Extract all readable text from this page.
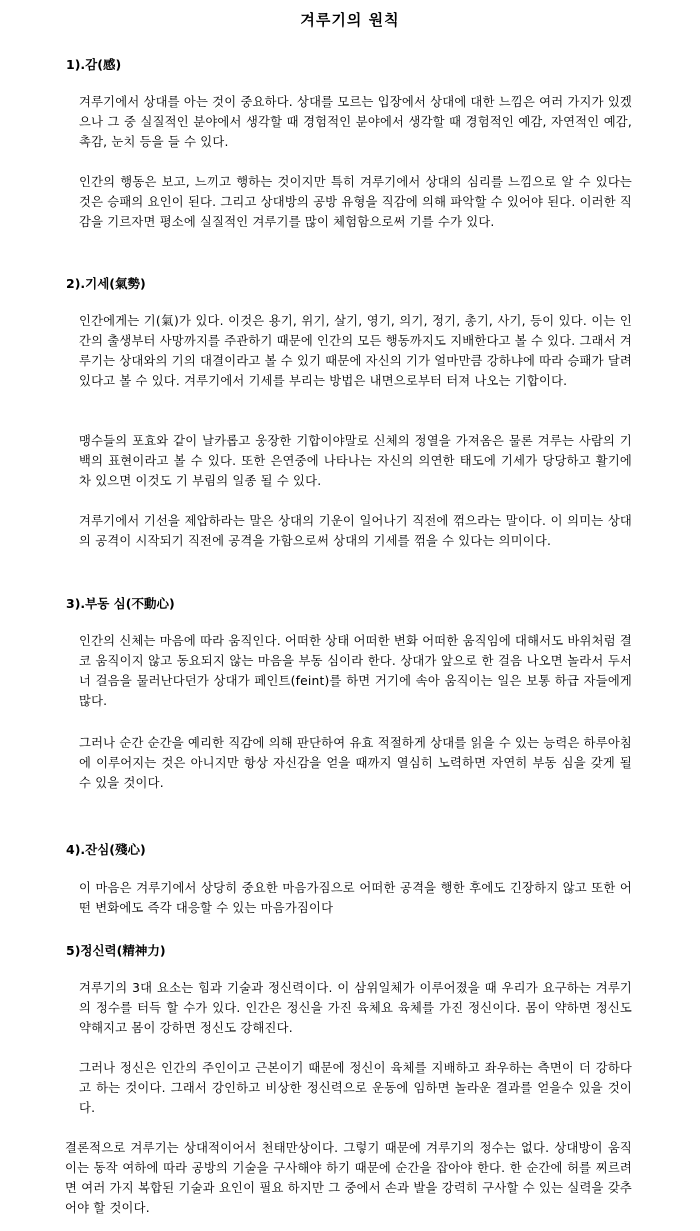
겨루기의 원칙
1).감(感)
겨루기에서 상대를 아는 것이 중요하다. 상대를 모르는 입장에서 상대에 대한 느낌은 여러 가지가 있겠으나 그 중 실질적인 분야에서 생각할 때 경험적인 분야에서 생각할 때 경험적인 예감, 자연적인 예감, 촉감, 눈치 등을 들 수 있다.
인간의 행동은 보고, 느끼고 행하는 것이지만 특히 겨루기에서 상대의 심리를 느낌으로 알 수 있다는 것은 승패의 요인이 된다. 그리고 상대방의 공방 유형을 직감에 의해 파악할 수 있어야 된다. 이러한 직감을 기르자면 평소에 실질적인 겨루기를 많이 체험함으로써 기를 수가 있다.
2).기세(氣勢)
인간에게는 기(氣)가 있다. 이것은 용기, 위기, 살기, 영기, 의기, 정기, 총기, 사기, 등이 있다. 이는 인간의 출생부터 사망까지를 주관하기 때문에 인간의 모든 행동까지도 지배한다고 볼 수 있다. 그래서 겨루기는 상대와의 기의 대결이라고 볼 수 있기 때문에 자신의 기가 얼마만큼 강하냐에 따라 승패가 달려있다고 볼 수 있다. 겨루기에서 기세를 부리는 방법은 내면으로부터 터져 나오는 기합이다.
맹수들의 포효와 같이 날카롭고 웅장한 기합이야말로 신체의 정열을 가져옴은 물론 겨루는 사람의 기백의 표현이라고 볼 수 있다. 또한 은연중에 나타나는 자신의 의연한 태도에 기세가 당당하고 활기에 차 있으면 이것도 기 부림의 일종 될 수 있다.
겨루기에서 기선을 제압하라는 말은 상대의 기운이 일어나기 직전에 꺾으라는 말이다. 이 의미는 상대의 공격이 시작되기 직전에 공격을 가함으로써 상대의 기세를 꺾을 수 있다는 의미이다.
3).부동 심(不動心)
인간의 신체는 마음에 따라 움직인다. 어떠한 상태 어떠한 변화 어떠한 움직임에 대해서도 바위처럼 결코 움직이지 않고 동요되지 않는 마음을 부동 심이라 한다. 상대가 앞으로 한 걸음 나오면 놀라서 두서너 걸음을 물러난다던가 상대가 페인트(feint)를 하면 거기에 속아 움직이는 일은 보통 하급 자들에게 많다.
그러나 순간 순간을 예리한 직감에 의해 판단하여 유효 적절하게 상대를 읽을 수 있는 능력은 하루아침에 이루어지는 것은 아니지만 항상 자신감을 얻을 때까지 열심히 노력하면 자연히 부동 심을 갖게 될 수 있을 것이다.
4).잔심(殘心)
이 마음은 겨루기에서 상당히 중요한 마음가짐으로 어떠한 공격을 행한 후에도 긴장하지 않고 또한 어떤 변화에도 즉각 대응할 수 있는 마음가짐이다
5)정신력(精神力)
겨루기의 3대 요소는 힘과 기술과 정신력이다. 이 삼위일체가 이루어졌을 때 우리가 요구하는 겨루기의 정수를 터득 할 수가 있다. 인간은 정신을 가진 육체요 육체를 가진 정신이다. 몸이 약하면 정신도 약해지고 몸이 강하면 정신도 강해진다.
그러나 정신은 인간의 주인이고 근본이기 때문에 정신이 육체를 지배하고 좌우하는 측면이 더 강하다고 하는 것이다. 그래서 강인하고 비상한 정신력으로 운동에 임하면 놀라운 결과를 얻을수 있을 것이다.
결론적으로 겨루기는 상대적이어서 천태만상이다. 그렇기 때문에 겨루기의 정수는 없다. 상대방이 움직이는 동작 여하에 따라 공방의 기술을 구사해야 하기 때문에 순간을 잡아야 한다. 한 순간에 허를 찌르려면 여러 가지 복합된 기술과 요인이 필요 하지만 그 중에서 손과 발을 강력히 구사할 수 있는 실력을 갖추어야 할 것이다.
